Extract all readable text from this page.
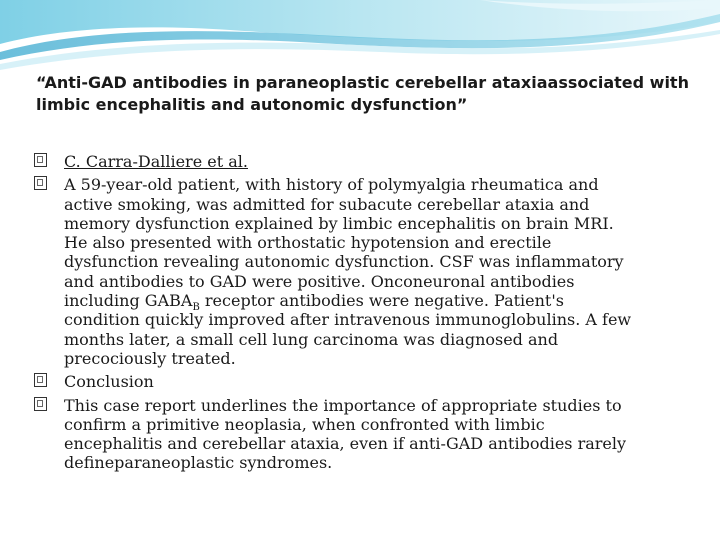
“Anti-GAD antibodies in paraneoplastic cerebellar ataxiaassociated with
limbic encephalitis and autonomic dysfunction”
C. Carra-Dalliere et al.
A 59-year-old patient, with history of polymyalgia rheumatica and
active smoking, was admitted for subacute cerebellar ataxia and
memory dysfunction explained by limbic encephalitis on brain MRI.
He also presented with orthostatic hypotension and erectile
dysfunction revealing autonomic dysfunction. CSF was inflammatory
and antibodies to GAD were positive. Onconeuronal antibodies
including $GABA_B$ receptor antibodies were negative. Patient's
condition quickly improved after intravenous immunoglobulins. A few
months later, a small cell lung carcinoma was diagnosed and
precociously treated.
Conclusion
This case report underlines the importance of appropriate studies to
confirm a primitive neoplasia, when confronted with limbic
encephalitis and cerebellar ataxia, even if anti-GAD antibodies rarely
defineparaneoplastic syndromes.
